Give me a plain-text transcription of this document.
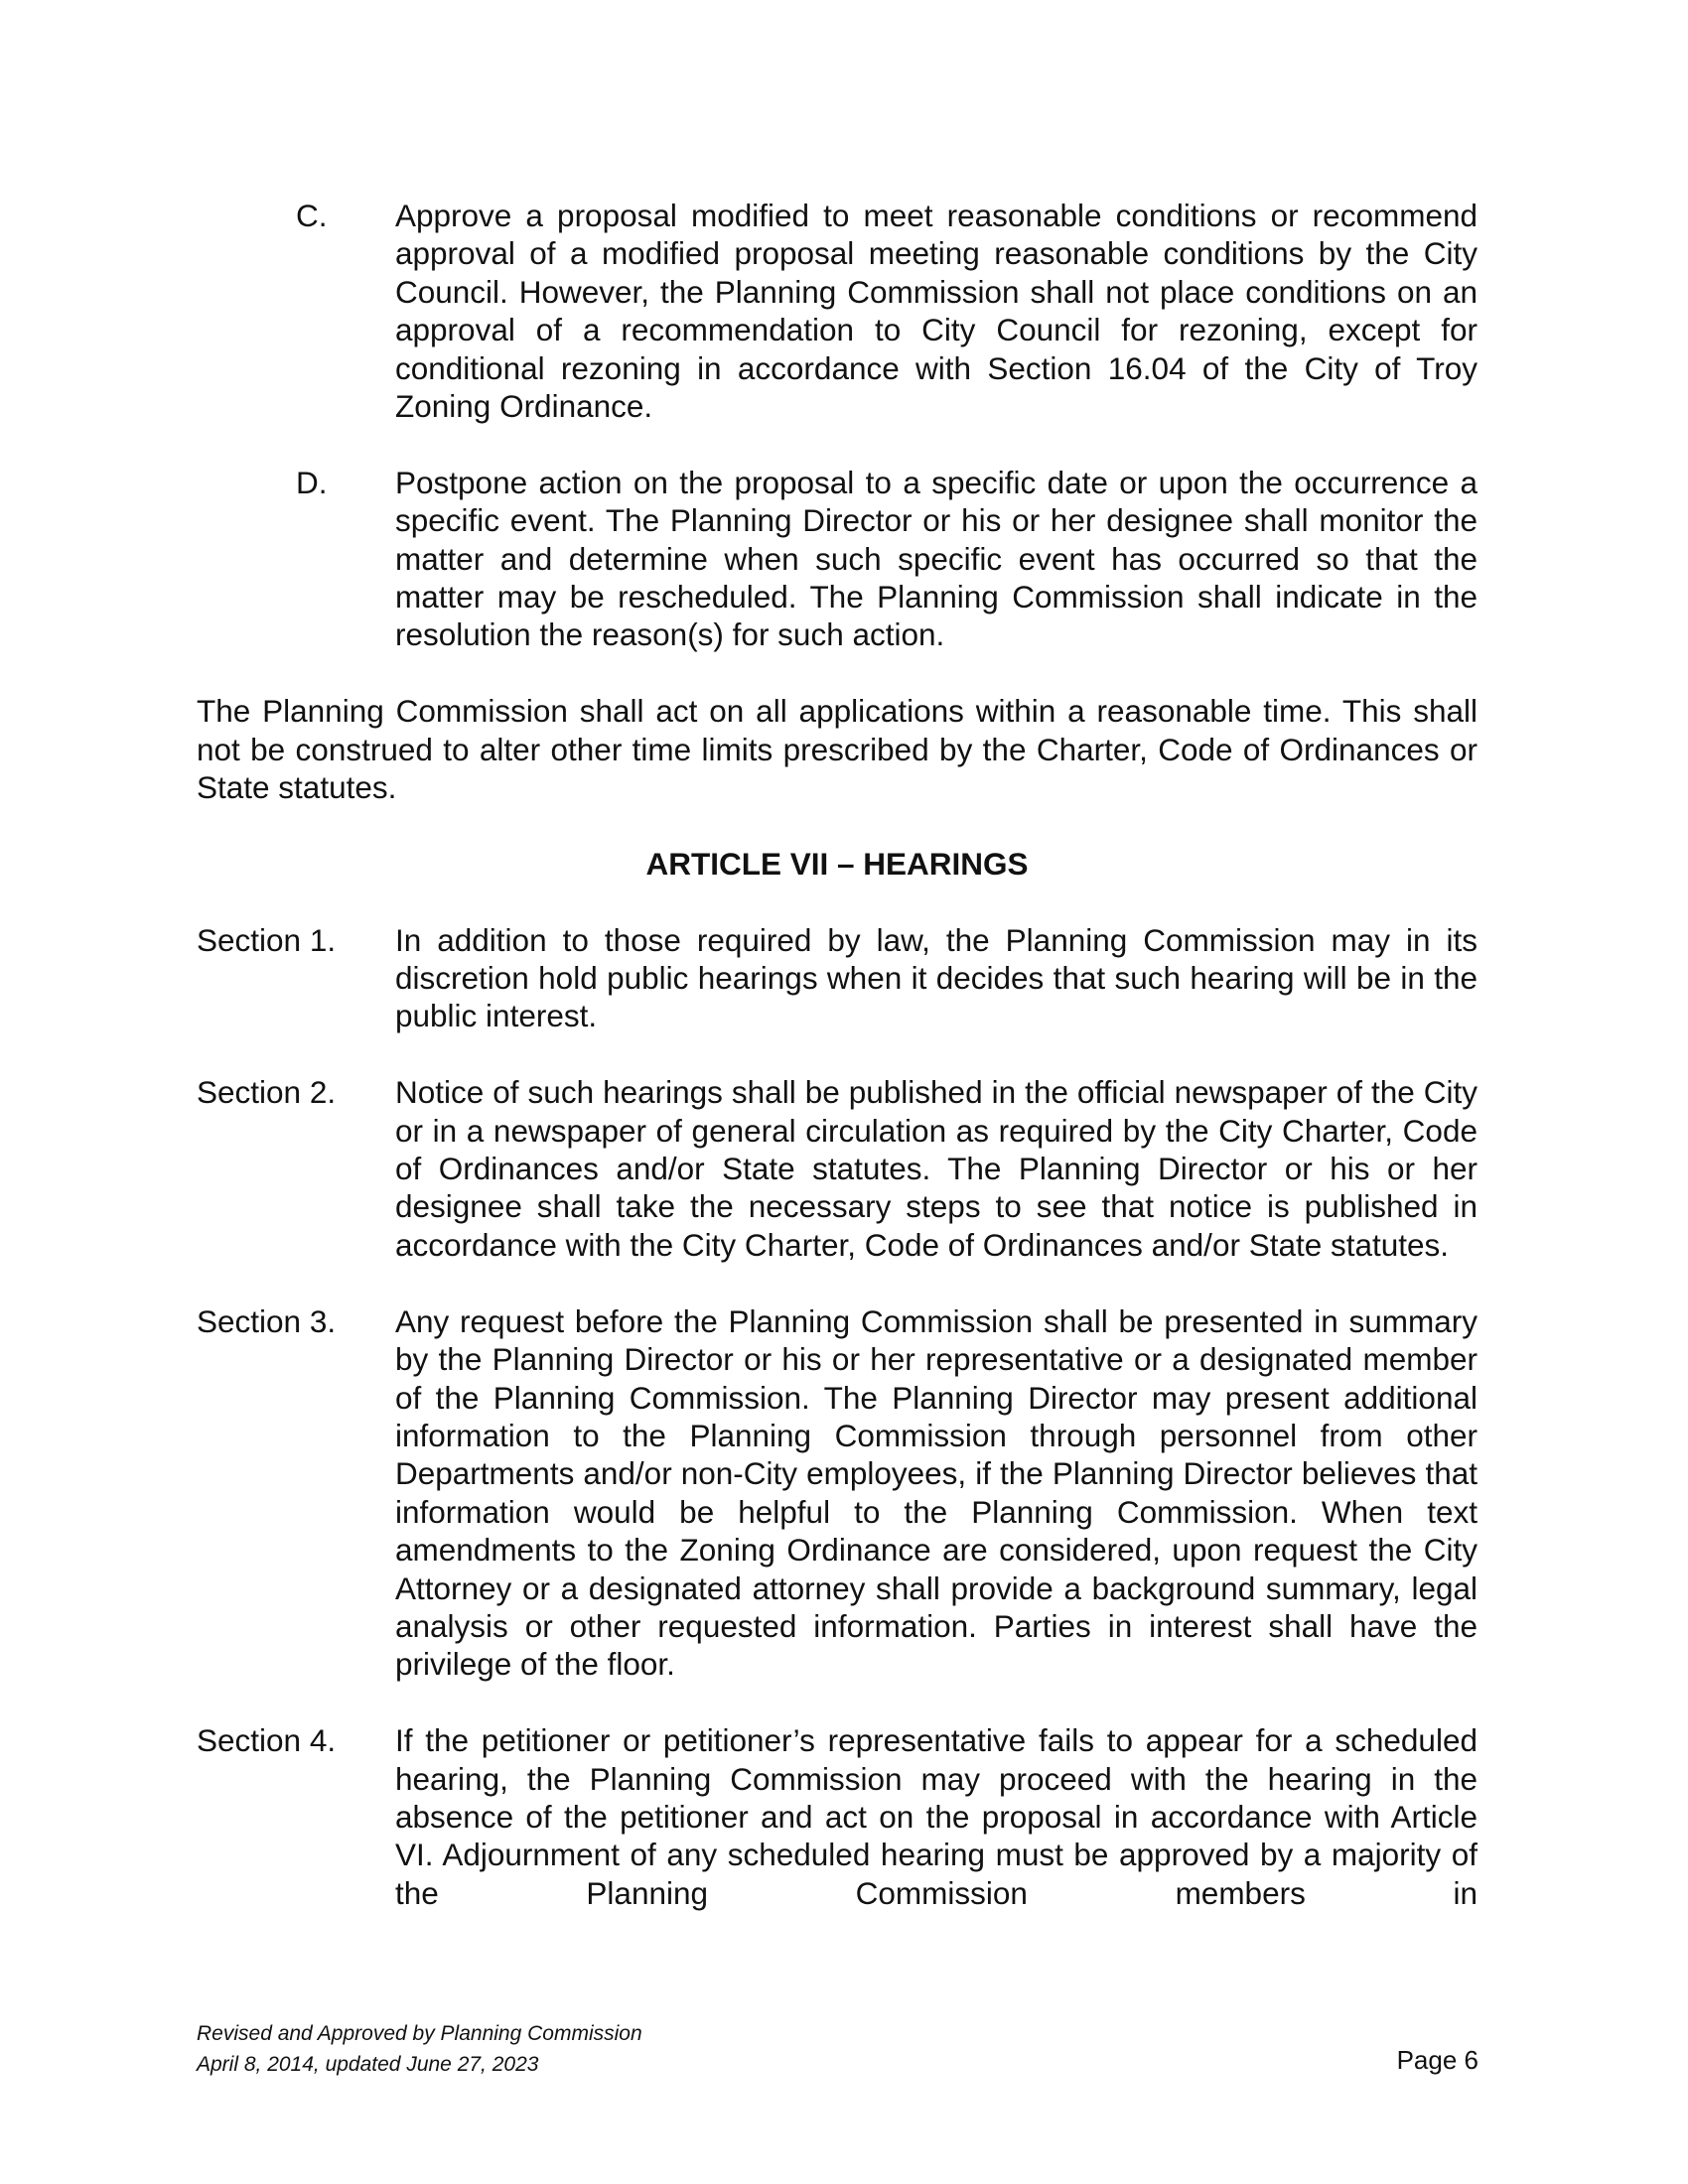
C.	Approve a proposal modified to meet reasonable conditions or recommend approval of a modified proposal meeting reasonable conditions by the City Council. However, the Planning Commission shall not place conditions on an approval of a recommendation to City Council for rezoning, except for conditional rezoning in accordance with Section 16.04 of the City of Troy Zoning Ordinance.
D.	Postpone action on the proposal to a specific date or upon the occurrence a specific event. The Planning Director or his or her designee shall monitor the matter and determine when such specific event has occurred so that the matter may be rescheduled. The Planning Commission shall indicate in the resolution the reason(s) for such action.
The Planning Commission shall act on all applications within a reasonable time. This shall not be construed to alter other time limits prescribed by the Charter, Code of Ordinances or State statutes.
ARTICLE VII – HEARINGS
Section 1.	In addition to those required by law, the Planning Commission may in its discretion hold public hearings when it decides that such hearing will be in the public interest.
Section 2.	Notice of such hearings shall be published in the official newspaper of the City or in a newspaper of general circulation as required by the City Charter, Code of Ordinances and/or State statutes. The Planning Director or his or her designee shall take the necessary steps to see that notice is published in accordance with the City Charter, Code of Ordinances and/or State statutes.
Section 3.	Any request before the Planning Commission shall be presented in summary by the Planning Director or his or her representative or a designated member of the Planning Commission. The Planning Director may present additional information to the Planning Commission through personnel from other Departments and/or non-City employees, if the Planning Director believes that information would be helpful to the Planning Commission. When text amendments to the Zoning Ordinance are considered, upon request the City Attorney or a designated attorney shall provide a background summary, legal analysis or other requested information. Parties in interest shall have the privilege of the floor.
Section 4.	If the petitioner or petitioner’s representative fails to appear for a scheduled hearing, the Planning Commission may proceed with the hearing in the absence of the petitioner and act on the proposal in accordance with Article VI. Adjournment of any scheduled hearing must be approved by a majority of the Planning Commission members in
Revised and Approved by Planning Commission
April 8, 2014, updated June 27, 2023	Page 6
